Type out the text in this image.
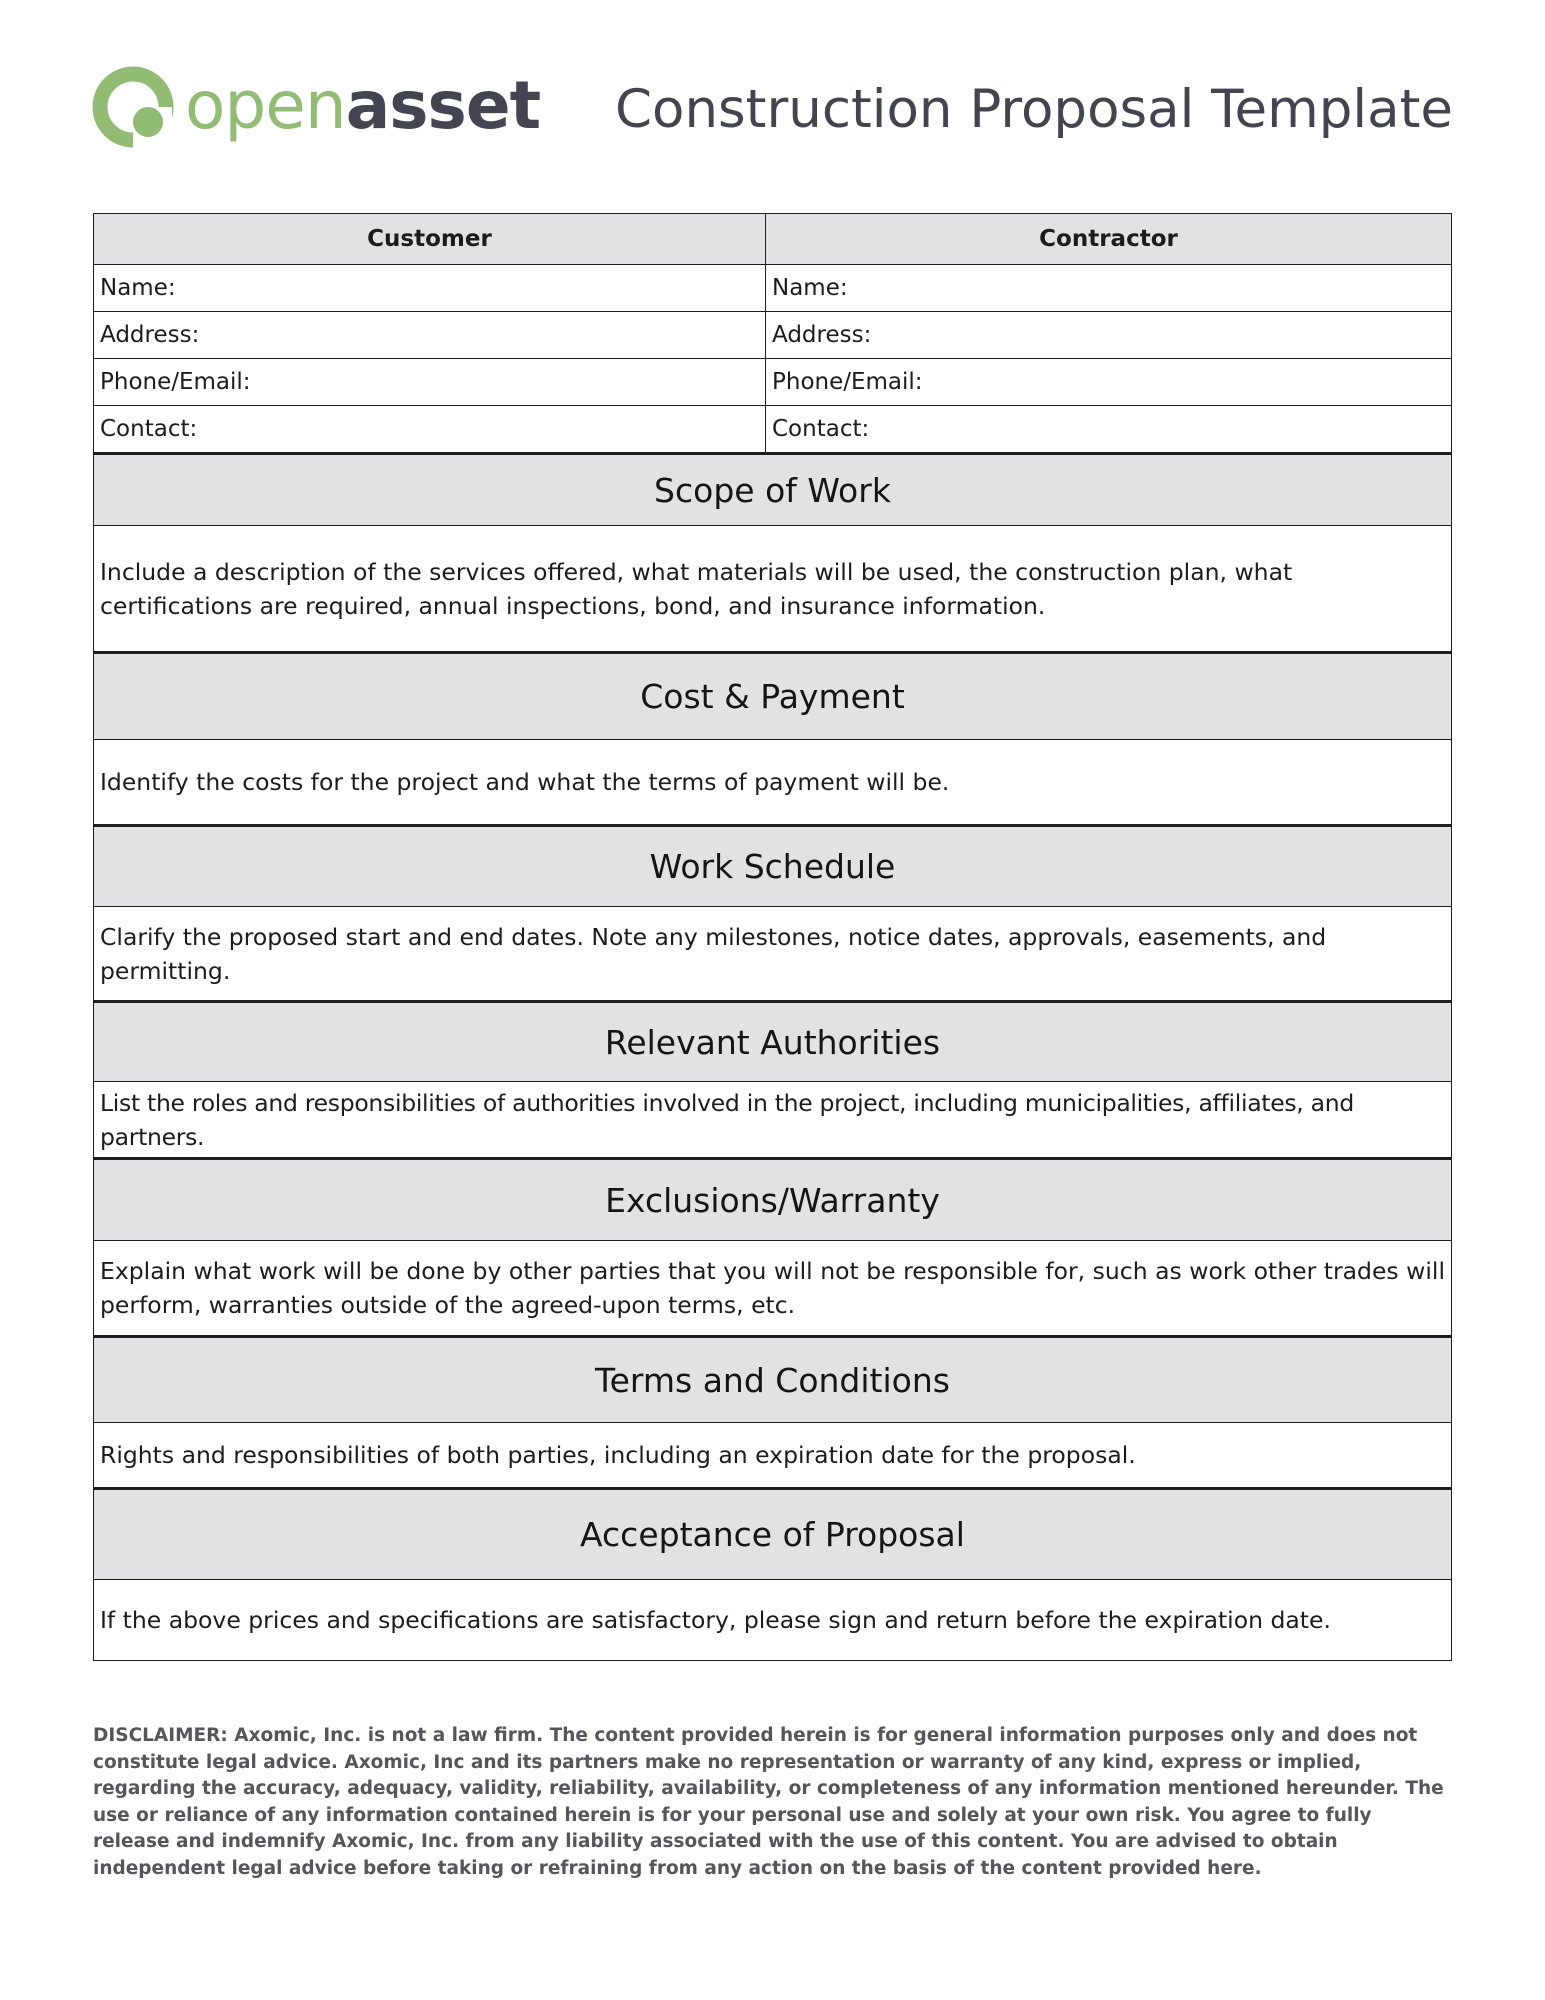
openasset Construction Proposal Template
Customer	Contractor
Name:	Name:
Address:	Address:
Phone/Email:	Phone/Email:
Contact:	Contact:
Scope of Work	
Include a description of the services offered, what materials will be used, the construction plan, what certifications are required, annual inspections, bond, and insurance information.	
Cost & Payment	
Identify the costs for the project and what the terms of payment will be.	
Work Schedule	
Clarify the proposed start and end dates. Note any milestones, notice dates, approvals, easements, and permitting.	
Relevant Authorities	
List the roles and responsibilities of authorities involved in the project, including municipalities, affiliates, and partners.	
Exclusions/Warranty	
Explain what work will be done by other parties that you will not be responsible for, such as work other trades will perform, warranties outside of the agreed-upon terms, etc.	
Terms and Conditions	
Rights and responsibilities of both parties, including an expiration date for the proposal.	
Acceptance of Proposal	
If the above prices and specifications are satisfactory, please sign and return before the expiration date.	
DISCLAIMER: Axomic, Inc. is not a law firm. The content provided herein is for general information purposes only and does not constitute legal advice. Axomic, Inc and its partners make no representation or warranty of any kind, express or implied, regarding the accuracy, adequacy, validity, reliability, availability, or completeness of any information mentioned hereunder. The use or reliance of any information contained herein is for your personal use and solely at your own risk. You agree to fully release and indemnify Axomic, Inc. from any liability associated with the use of this content. You are advised to obtain independent legal advice before taking or refraining from any action on the basis of the content provided here.
